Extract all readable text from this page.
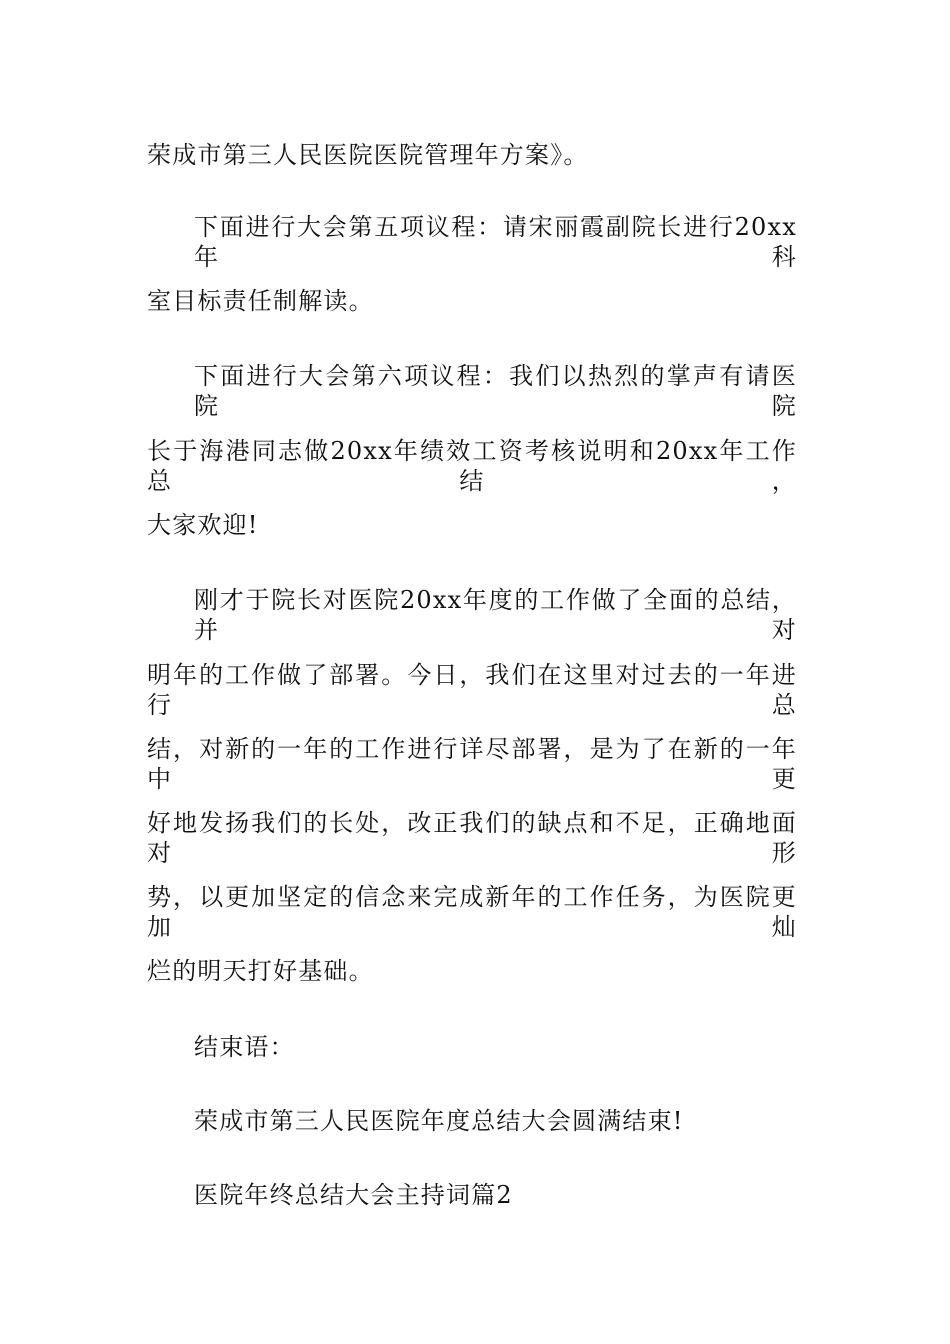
荣成市第三人民医院医院管理年方案》。

下面进行大会第五项议程：请宋丽霞副院长进行20xx年科

室目标责任制解读。

下面进行大会第六项议程：我们以热烈的掌声有请医院院

长于海港同志做20xx年绩效工资考核说明和20xx年工作总结，

大家欢迎!

刚才于院长对医院20xx年度的工作做了全面的总结，并对

明年的工作做了部署。今日，我们在这里对过去的一年进行总

结，对新的一年的工作进行详尽部署，是为了在新的一年中更

好地发扬我们的长处，改正我们的缺点和不足，正确地面对形

势，以更加坚定的信念来完成新年的工作任务，为医院更加灿

烂的明天打好基础。

结束语：

荣成市第三人民医院年度总结大会圆满结束!

医院年终总结大会主持词篇2
